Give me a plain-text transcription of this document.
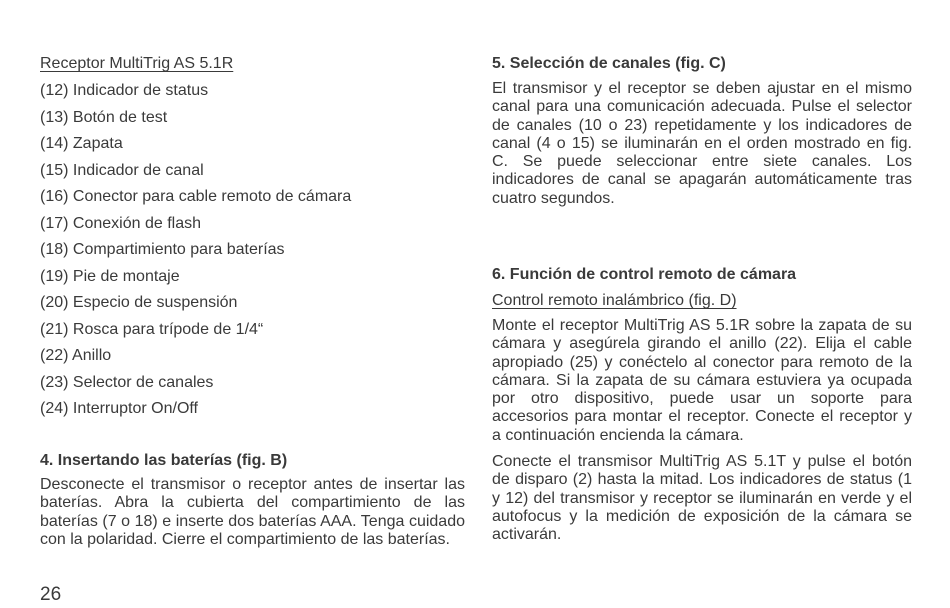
Receptor MultiTrig AS 5.1R
(12) Indicador de status
(13) Botón de test
(14) Zapata
(15) Indicador de canal
(16) Conector para cable remoto de cámara
(17) Conexión de flash
(18) Compartimiento para baterías
(19) Pie de montaje
(20) Especio de suspensión
(21) Rosca para trípode de 1/4“
(22) Anillo
(23) Selector de canales
(24) Interruptor On/Off
4. Insertando las baterías (fig. B)
Desconecte el transmisor o receptor antes de insertar las baterías. Abra la cubierta del compartimiento de las baterías (7 o 18) e inserte dos baterías AAA. Tenga cuidado con la polaridad. Cierre el compartimiento de las baterías.
5. Selección de canales (fig. C)
El transmisor y el receptor se deben ajustar en el mismo canal para una comunicación adecuada. Pulse el selector de canales (10 o 23) repetidamente y los indicadores de canal (4 o 15) se iluminarán en el orden mostrado en fig. C. Se puede seleccionar entre siete canales. Los indicadores de canal se apagarán automáticamente tras cuatro segundos.
6. Función de control remoto de cámara
Control remoto inalámbrico (fig. D)
Monte el receptor MultiTrig AS 5.1R sobre la zapata de su cámara y asegúrela girando el anillo (22). Elija el cable apropiado (25) y conéctelo al conector para remoto de la cámara. Si la zapata de su cámara estuviera ya ocupada por otro dispositivo, puede usar un soporte para accesorios para montar el receptor. Conecte el receptor y a continuación encienda la cámara.
Conecte el transmisor MultiTrig AS 5.1T y pulse el botón de disparo (2) hasta la mitad. Los indicadores de status (1 y 12) del transmisor y receptor se iluminarán en verde y el autofocus y la medición de exposición de la cámara se activarán.
26
